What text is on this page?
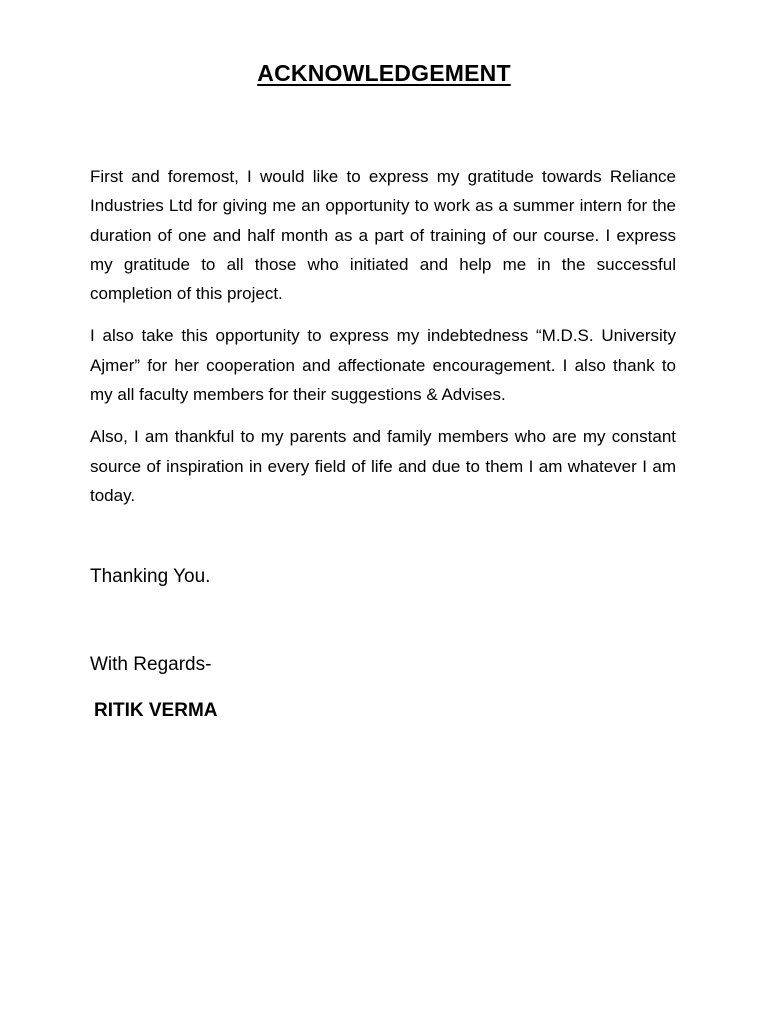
ACKNOWLEDGEMENT

First and foremost, I would like to express my gratitude towards Reliance Industries Ltd for giving me an opportunity to work as a summer intern for the duration of one and half month as a part of training of our course. I express my gratitude to all those who initiated and help me in the successful completion of this project.

I also take this opportunity to express my indebtedness “M.D.S. University Ajmer” for her cooperation and affectionate encouragement. I also thank to my all faculty members for their suggestions & Advises.

Also, I am thankful to my parents and family members who are my constant source of inspiration in every field of life and due to them I am whatever I am today.

Thanking You.

With Regards-

RITIK VERMA
